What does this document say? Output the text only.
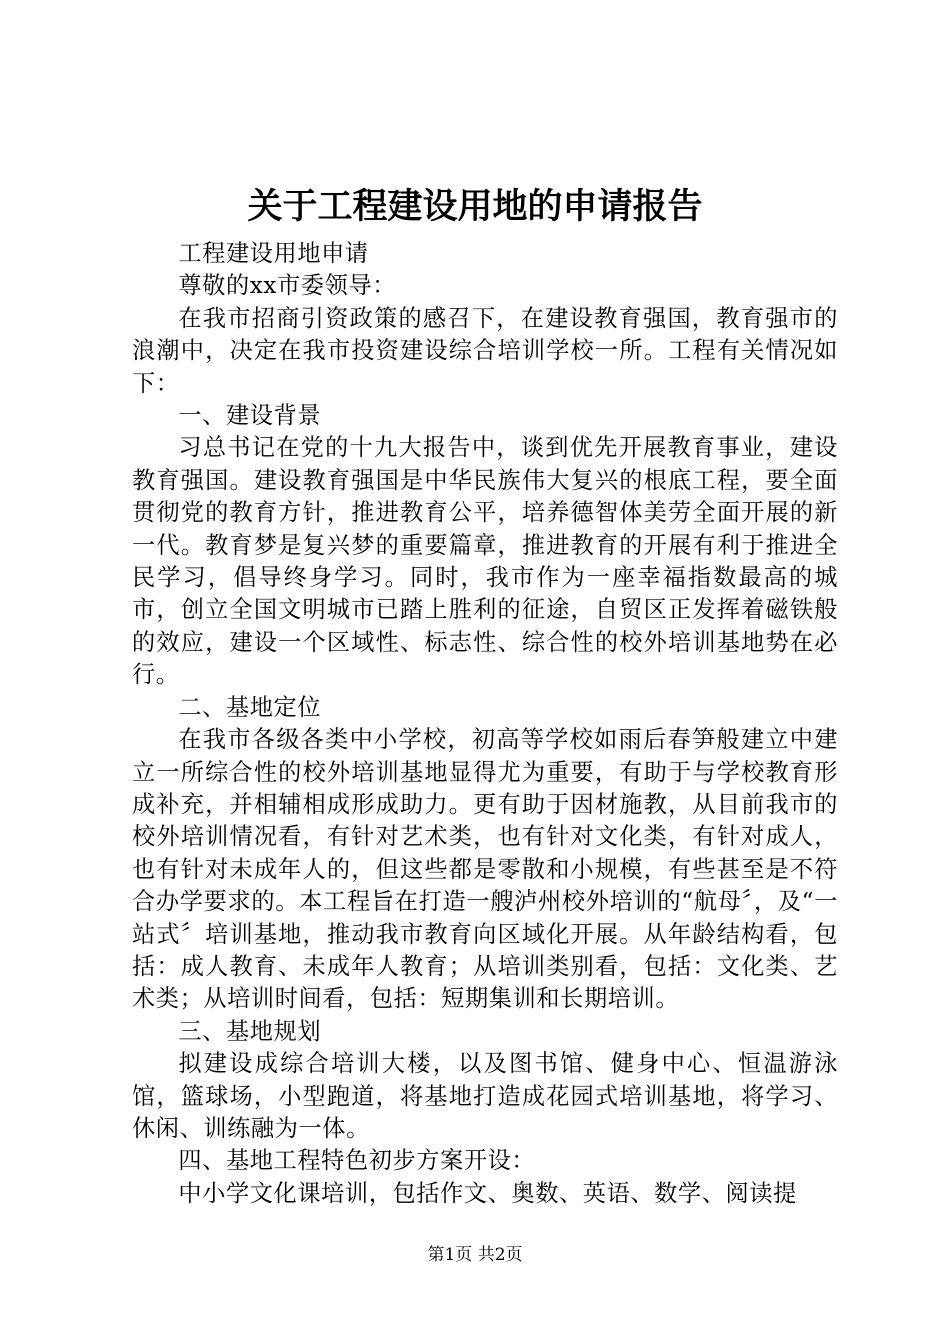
关于工程建设用地的申请报告

工程建设用地申请

尊敬的xx市委领导：

在我市招商引资政策的感召下，在建设教育强国，教育强市的浪潮中，决定在我市投资建设综合培训学校一所。工程有关情况如下：

一、建设背景

习总书记在党的十九大报告中，谈到优先开展教育事业，建设教育强国。建设教育强国是中华民族伟大复兴的根底工程，要全面贯彻党的教育方针，推进教育公平，培养德智体美劳全面开展的新一代。教育梦是复兴梦的重要篇章，推进教育的开展有利于推进全民学习，倡导终身学习。同时，我市作为一座幸福指数最高的城市，创立全国文明城市已踏上胜利的征途，自贸区正发挥着磁铁般的效应，建设一个区域性、标志性、综合性的校外培训基地势在必行。

二、基地定位

在我市各级各类中小学校，初高等学校如雨后春笋般建立中建立一所综合性的校外培训基地显得尤为重要，有助于与学校教育形成补充，并相辅相成形成助力。更有助于因材施教，从目前我市的校外培训情况看，有针对艺术类，也有针对文化类，有针对成人，也有针对未成年人的，但这些都是零散和小规模，有些甚至是不符合办学要求的。本工程旨在打造一艘泸州校外培训的“航母〞，及“一站式〞培训基地，推动我市教育向区域化开展。从年龄结构看，包括：成人教育、未成年人教育；从培训类别看，包括：文化类、艺术类；从培训时间看，包括：短期集训和长期培训。

三、基地规划

拟建设成综合培训大楼，以及图书馆、健身中心、恒温游泳馆，篮球场，小型跑道，将基地打造成花园式培训基地，将学习、休闲、训练融为一体。

四、基地工程特色初步方案开设：

中小学文化课培训，包括作文、奥数、英语、数学、阅读提

第1页 共2页
